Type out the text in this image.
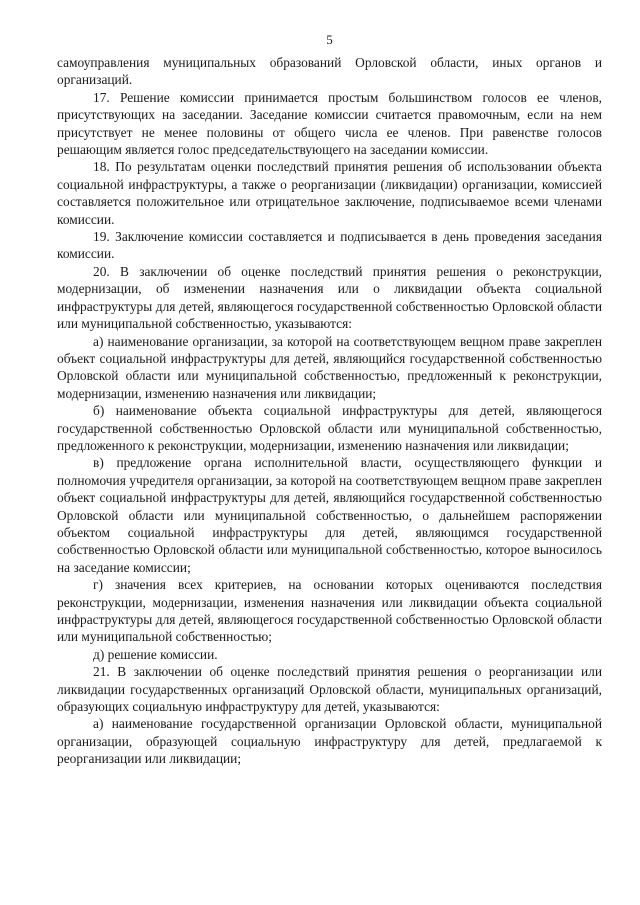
5

самоуправления муниципальных образований Орловской области, иных органов и организаций.

17. Решение комиссии принимается простым большинством голосов ее членов, присутствующих на заседании. Заседание комиссии считается правомочным, если на нем присутствует не менее половины от общего числа ее членов. При равенстве голосов решающим является голос председательствующего на заседании комиссии.

18. По результатам оценки последствий принятия решения об использовании объекта социальной инфраструктуры, а также о реорганизации (ликвидации) организации, комиссией составляется положительное или отрицательное заключение, подписываемое всеми членами комиссии.

19. Заключение комиссии составляется и подписывается в день проведения заседания комиссии.

20. В заключении об оценке последствий принятия решения о реконструкции, модернизации, об изменении назначения или о ликвидации объекта социальной инфраструктуры для детей, являющегося государственной собственностью Орловской области или муниципальной собственностью, указываются:

а) наименование организации, за которой на соответствующем вещном праве закреплен объект социальной инфраструктуры для детей, являющийся государственной собственностью Орловской области или муниципальной собственностью, предложенный к реконструкции, модернизации, изменению назначения или ликвидации;

б) наименование объекта социальной инфраструктуры для детей, являющегося государственной собственностью Орловской области или муниципальной собственностью, предложенного к реконструкции, модернизации, изменению назначения или ликвидации;

в) предложение органа исполнительной власти, осуществляющего функции и полномочия учредителя организации, за которой на соответствующем вещном праве закреплен объект социальной инфраструктуры для детей, являющийся государственной собственностью Орловской области или муниципальной собственностью, о дальнейшем распоряжении объектом социальной инфраструктуры для детей, являющимся государственной собственностью Орловской области или муниципальной собственностью, которое выносилось на заседание комиссии;

г) значения всех критериев, на основании которых оцениваются последствия реконструкции, модернизации, изменения назначения или ликвидации объекта социальной инфраструктуры для детей, являющегося государственной собственностью Орловской области или муниципальной собственностью;

д) решение комиссии.

21. В заключении об оценке последствий принятия решения о реорганизации или ликвидации государственных организаций Орловской области, муниципальных организаций, образующих социальную инфраструктуру для детей, указываются:

а) наименование государственной организации Орловской области, муниципальной организации, образующей социальную инфраструктуру для детей, предлагаемой к реорганизации или ликвидации;
